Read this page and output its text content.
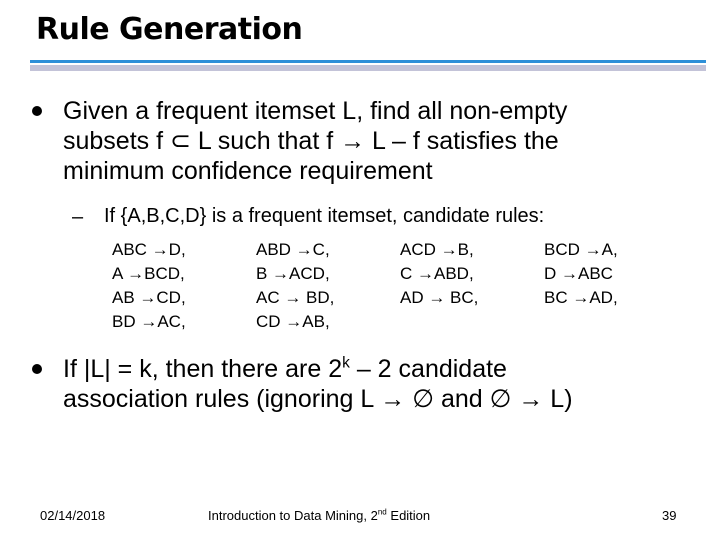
Rule Generation
Given a frequent itemset L, find all non-empty
subsets f ⊂ L such that f → L – f satisfies the
minimum confidence requirement
– If {A,B,C,D} is a frequent itemset, candidate rules:
ABC →D,
A →BCD,
AB →CD,
BD →AC,
ABD →C,
B →ACD,
AC → BD,
CD →AB,
ACD →B,
C →ABD,
AD → BC,
BCD →A,
D →ABC
BC →AD,
If |L| = k, then there are 2$^k$ – 2 candidate
association rules (ignoring L → ∅ and ∅ → L)
02/14/2018	Introduction to Data Mining, 2nd Edition	39
